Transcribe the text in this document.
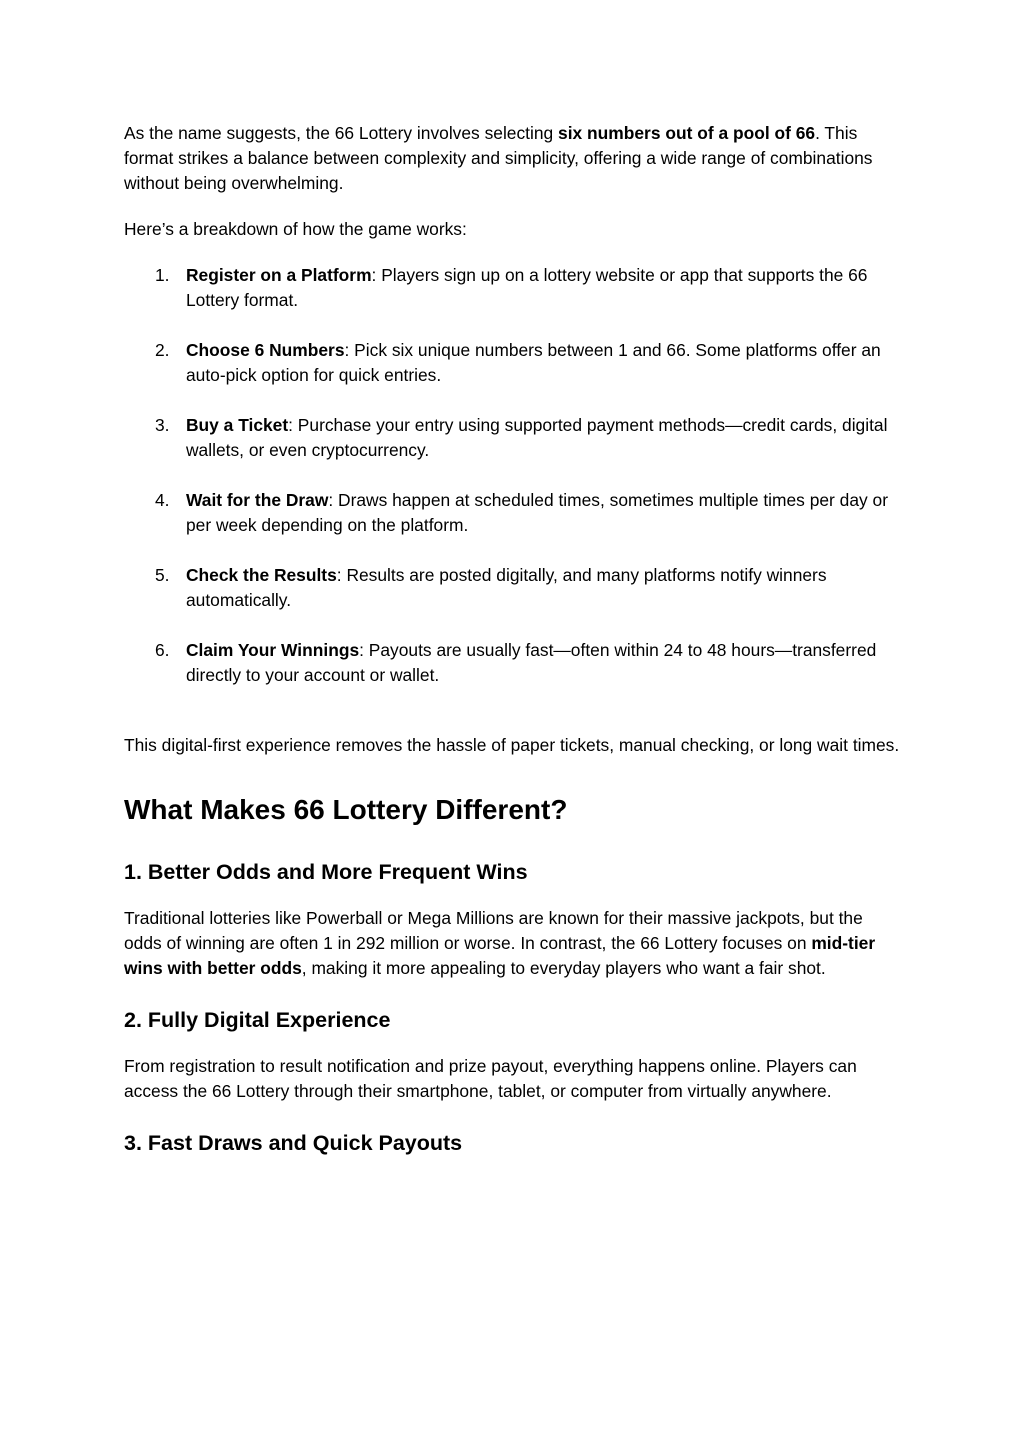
As the name suggests, the 66 Lottery involves selecting six numbers out of a pool of 66. This format strikes a balance between complexity and simplicity, offering a wide range of combinations without being overwhelming.

Here’s a breakdown of how the game works:

1. Register on a Platform: Players sign up on a lottery website or app that supports the 66 Lottery format.
2. Choose 6 Numbers: Pick six unique numbers between 1 and 66. Some platforms offer an auto-pick option for quick entries.
3. Buy a Ticket: Purchase your entry using supported payment methods—credit cards, digital wallets, or even cryptocurrency.
4. Wait for the Draw: Draws happen at scheduled times, sometimes multiple times per day or per week depending on the platform.
5. Check the Results: Results are posted digitally, and many platforms notify winners automatically.
6. Claim Your Winnings: Payouts are usually fast—often within 24 to 48 hours—transferred directly to your account or wallet.

This digital-first experience removes the hassle of paper tickets, manual checking, or long wait times.

What Makes 66 Lottery Different?
1. Better Odds and More Frequent Wins

Traditional lotteries like Powerball or Mega Millions are known for their massive jackpots, but the odds of winning are often 1 in 292 million or worse. In contrast, the 66 Lottery focuses on mid-tier wins with better odds, making it more appealing to everyday players who want a fair shot.

2. Fully Digital Experience

From registration to result notification and prize payout, everything happens online. Players can access the 66 Lottery through their smartphone, tablet, or computer from virtually anywhere.

3. Fast Draws and Quick Payouts
